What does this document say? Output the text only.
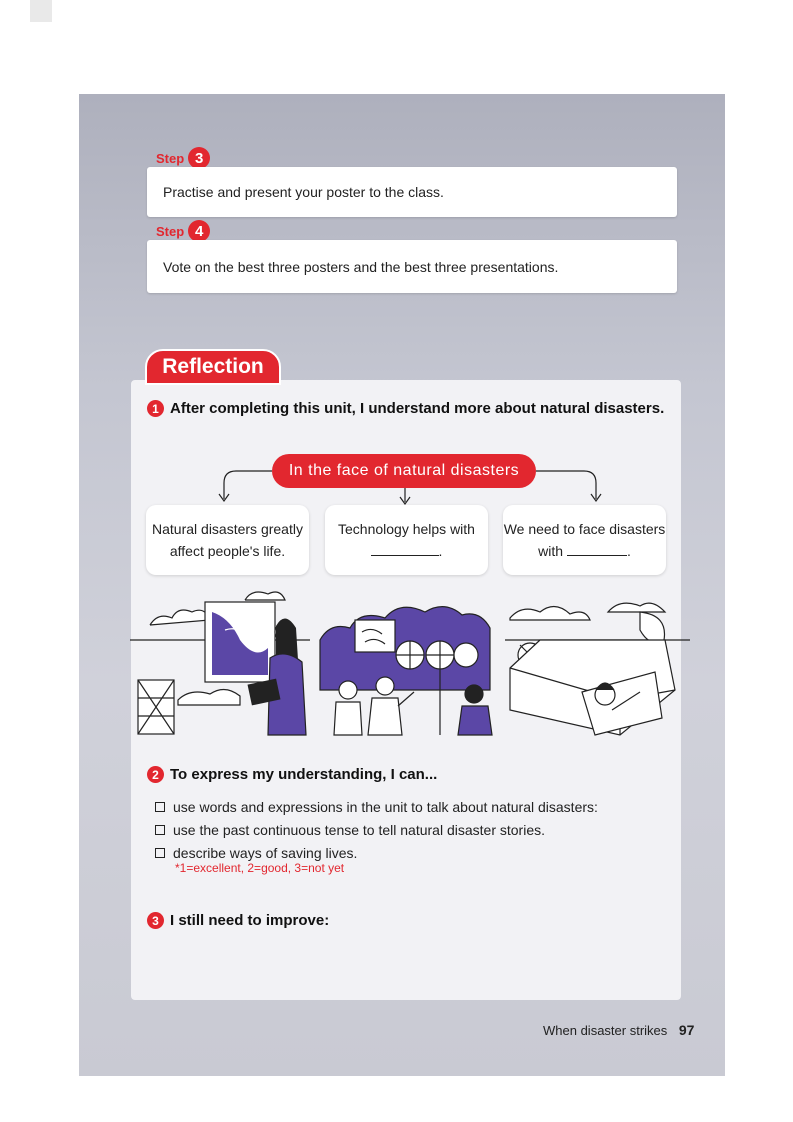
Step 3
Practise and present your poster to the class.
Step 4
Vote on the best three posters and the best three presentations.
Reflection
1 After completing this unit, I understand more about natural disasters.
In the face of natural disasters
Natural disasters greatly
affect people's life.
Technology helps with
.
We need to face disasters
with	.
2 To express my understanding, I can...
use words and expressions in the unit to talk about natural disasters:
use the past continuous tense to tell natural disaster stories.
describe ways of saving lives.
*1=excellent, 2=good, 3=not yet
3 I still need to improve:
When disaster strikes 97
